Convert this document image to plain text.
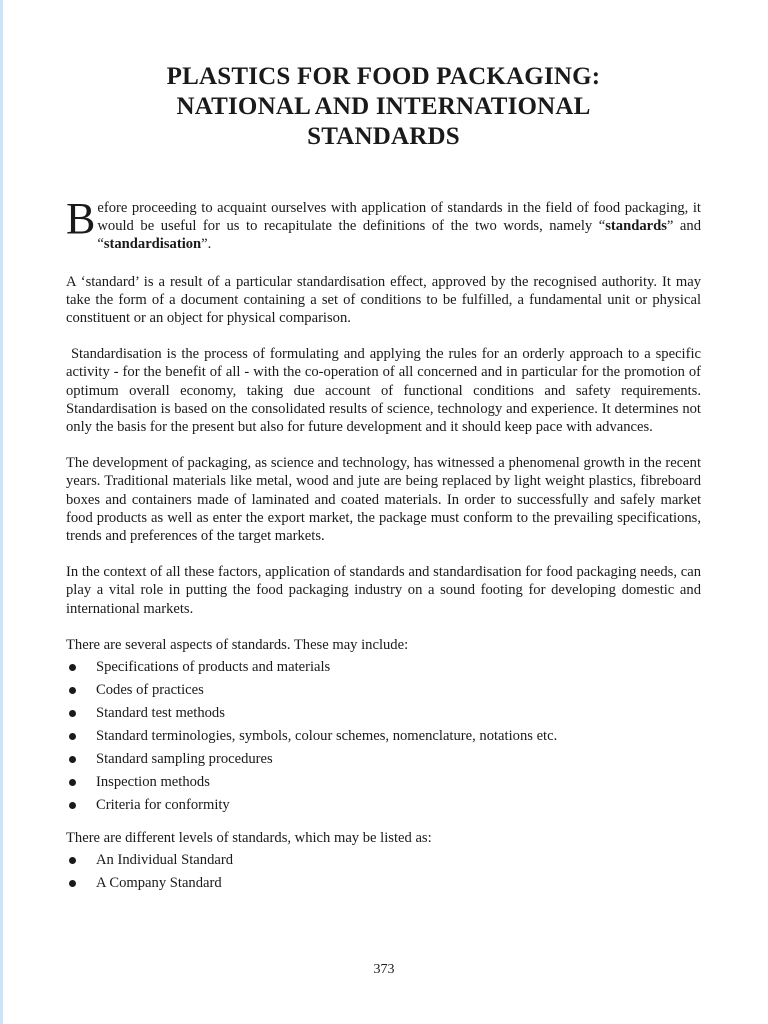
PLASTICS FOR FOOD PACKAGING:
NATIONAL AND INTERNATIONAL
STANDARDS

Before proceeding to acquaint ourselves with application of standards in the field of food packaging, it would be useful for us to recapitulate the definitions of the two words, namely “standards” and “standardisation”.

A ‘standard’ is a result of a particular standardisation effect, approved by the recognised authority. It may take the form of a document containing a set of conditions to be fulfilled, a fundamental unit or physical constituent or an object for physical comparison.

Standardisation is the process of formulating and applying the rules for an orderly approach to a specific activity - for the benefit of all - with the co-operation of all concerned and in particular for the promotion of optimum overall economy, taking due account of functional conditions and safety requirements. Standardisation is based on the consolidated results of science, technology and experience. It determines not only the basis for the present but also for future development and it should keep pace with advances.

The development of packaging, as science and technology, has witnessed a phenomenal growth in the recent years. Traditional materials like metal, wood and jute are being replaced by light weight plastics, fibreboard boxes and containers made of laminated and coated materials. In order to successfully and safely market food products as well as enter the export market, the package must conform to the prevailing specifications, trends and preferences of the target markets.

In the context of all these factors, application of standards and standardisation for food packaging needs, can play a vital role in putting the food packaging industry on a sound footing for developing domestic and international markets.

There are several aspects of standards. These may include:

Specifications of products and materials
Codes of practices
Standard test methods
Standard terminologies, symbols, colour schemes, nomenclature, notations etc.
Standard sampling procedures
Inspection methods
Criteria for conformity

There are different levels of standards, which may be listed as:

An Individual Standard
A Company Standard
373
